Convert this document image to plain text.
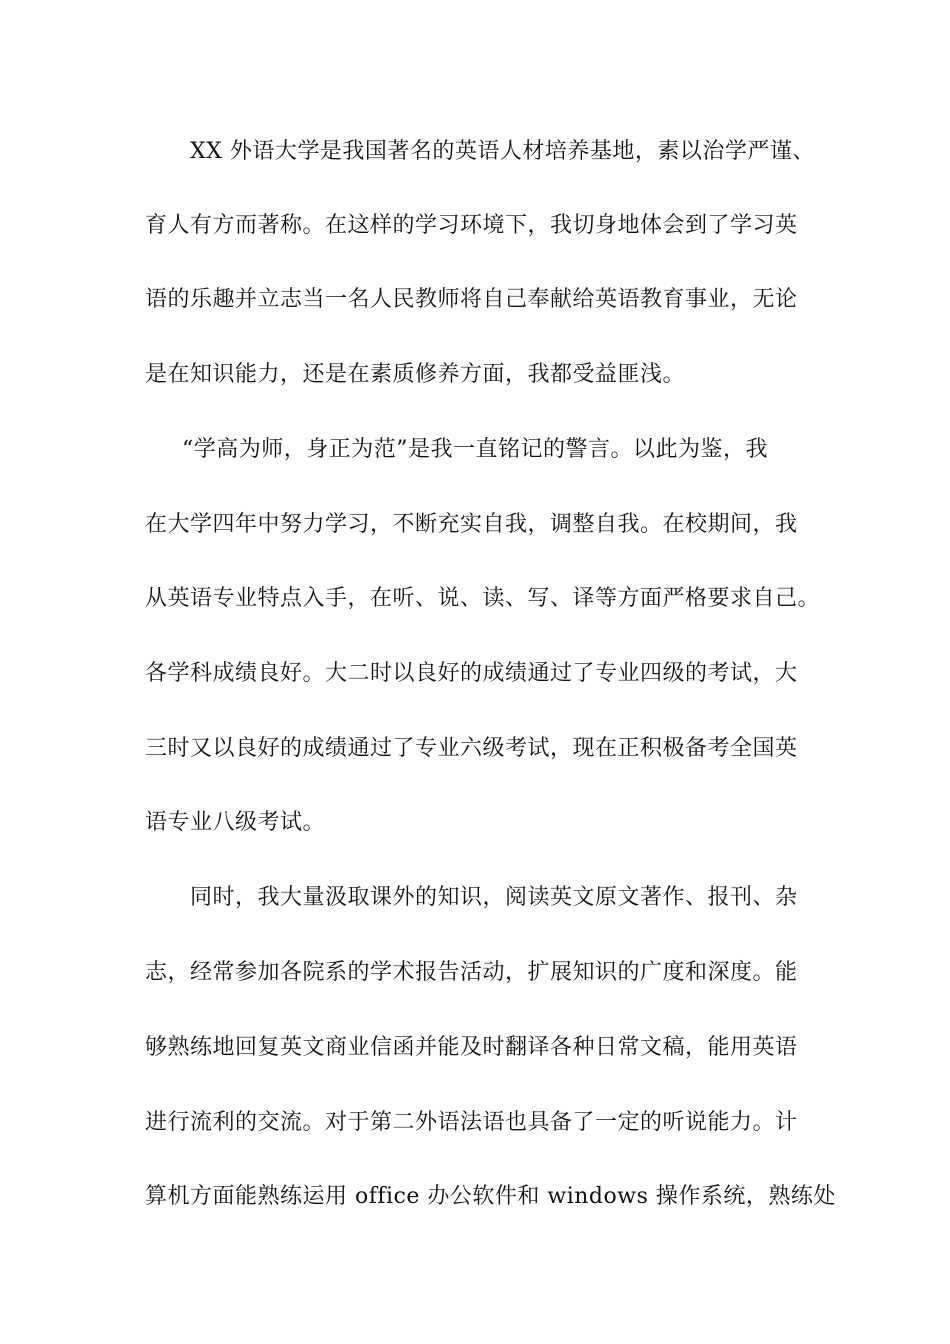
XX 外语大学是我国著名的英语人材培养基地，素以治学严谨、
育人有方而著称。在这样的学习环境下，我切身地体会到了学习英
语的乐趣并立志当一名人民教师将自己奉献给英语教育事业，无论
是在知识能力，还是在素质修养方面，我都受益匪浅。
“学高为师，身正为范”是我一直铭记的警言。以此为鉴，我
在大学四年中努力学习，不断充实自我，调整自我。在校期间，我
从英语专业特点入手，在听、说、读、写、译等方面严格要求自己。
各学科成绩良好。大二时以良好的成绩通过了专业四级的考试，大
三时又以良好的成绩通过了专业六级考试，现在正积极备考全国英
语专业八级考试。
同时，我大量汲取课外的知识，阅读英文原文著作、报刊、杂
志，经常参加各院系的学术报告活动，扩展知识的广度和深度。能
够熟练地回复英文商业信函并能及时翻译各种日常文稿，能用英语
进行流利的交流。对于第二外语法语也具备了一定的听说能力。计
算机方面能熟练运用 office 办公软件和 windows 操作系统，熟练处
